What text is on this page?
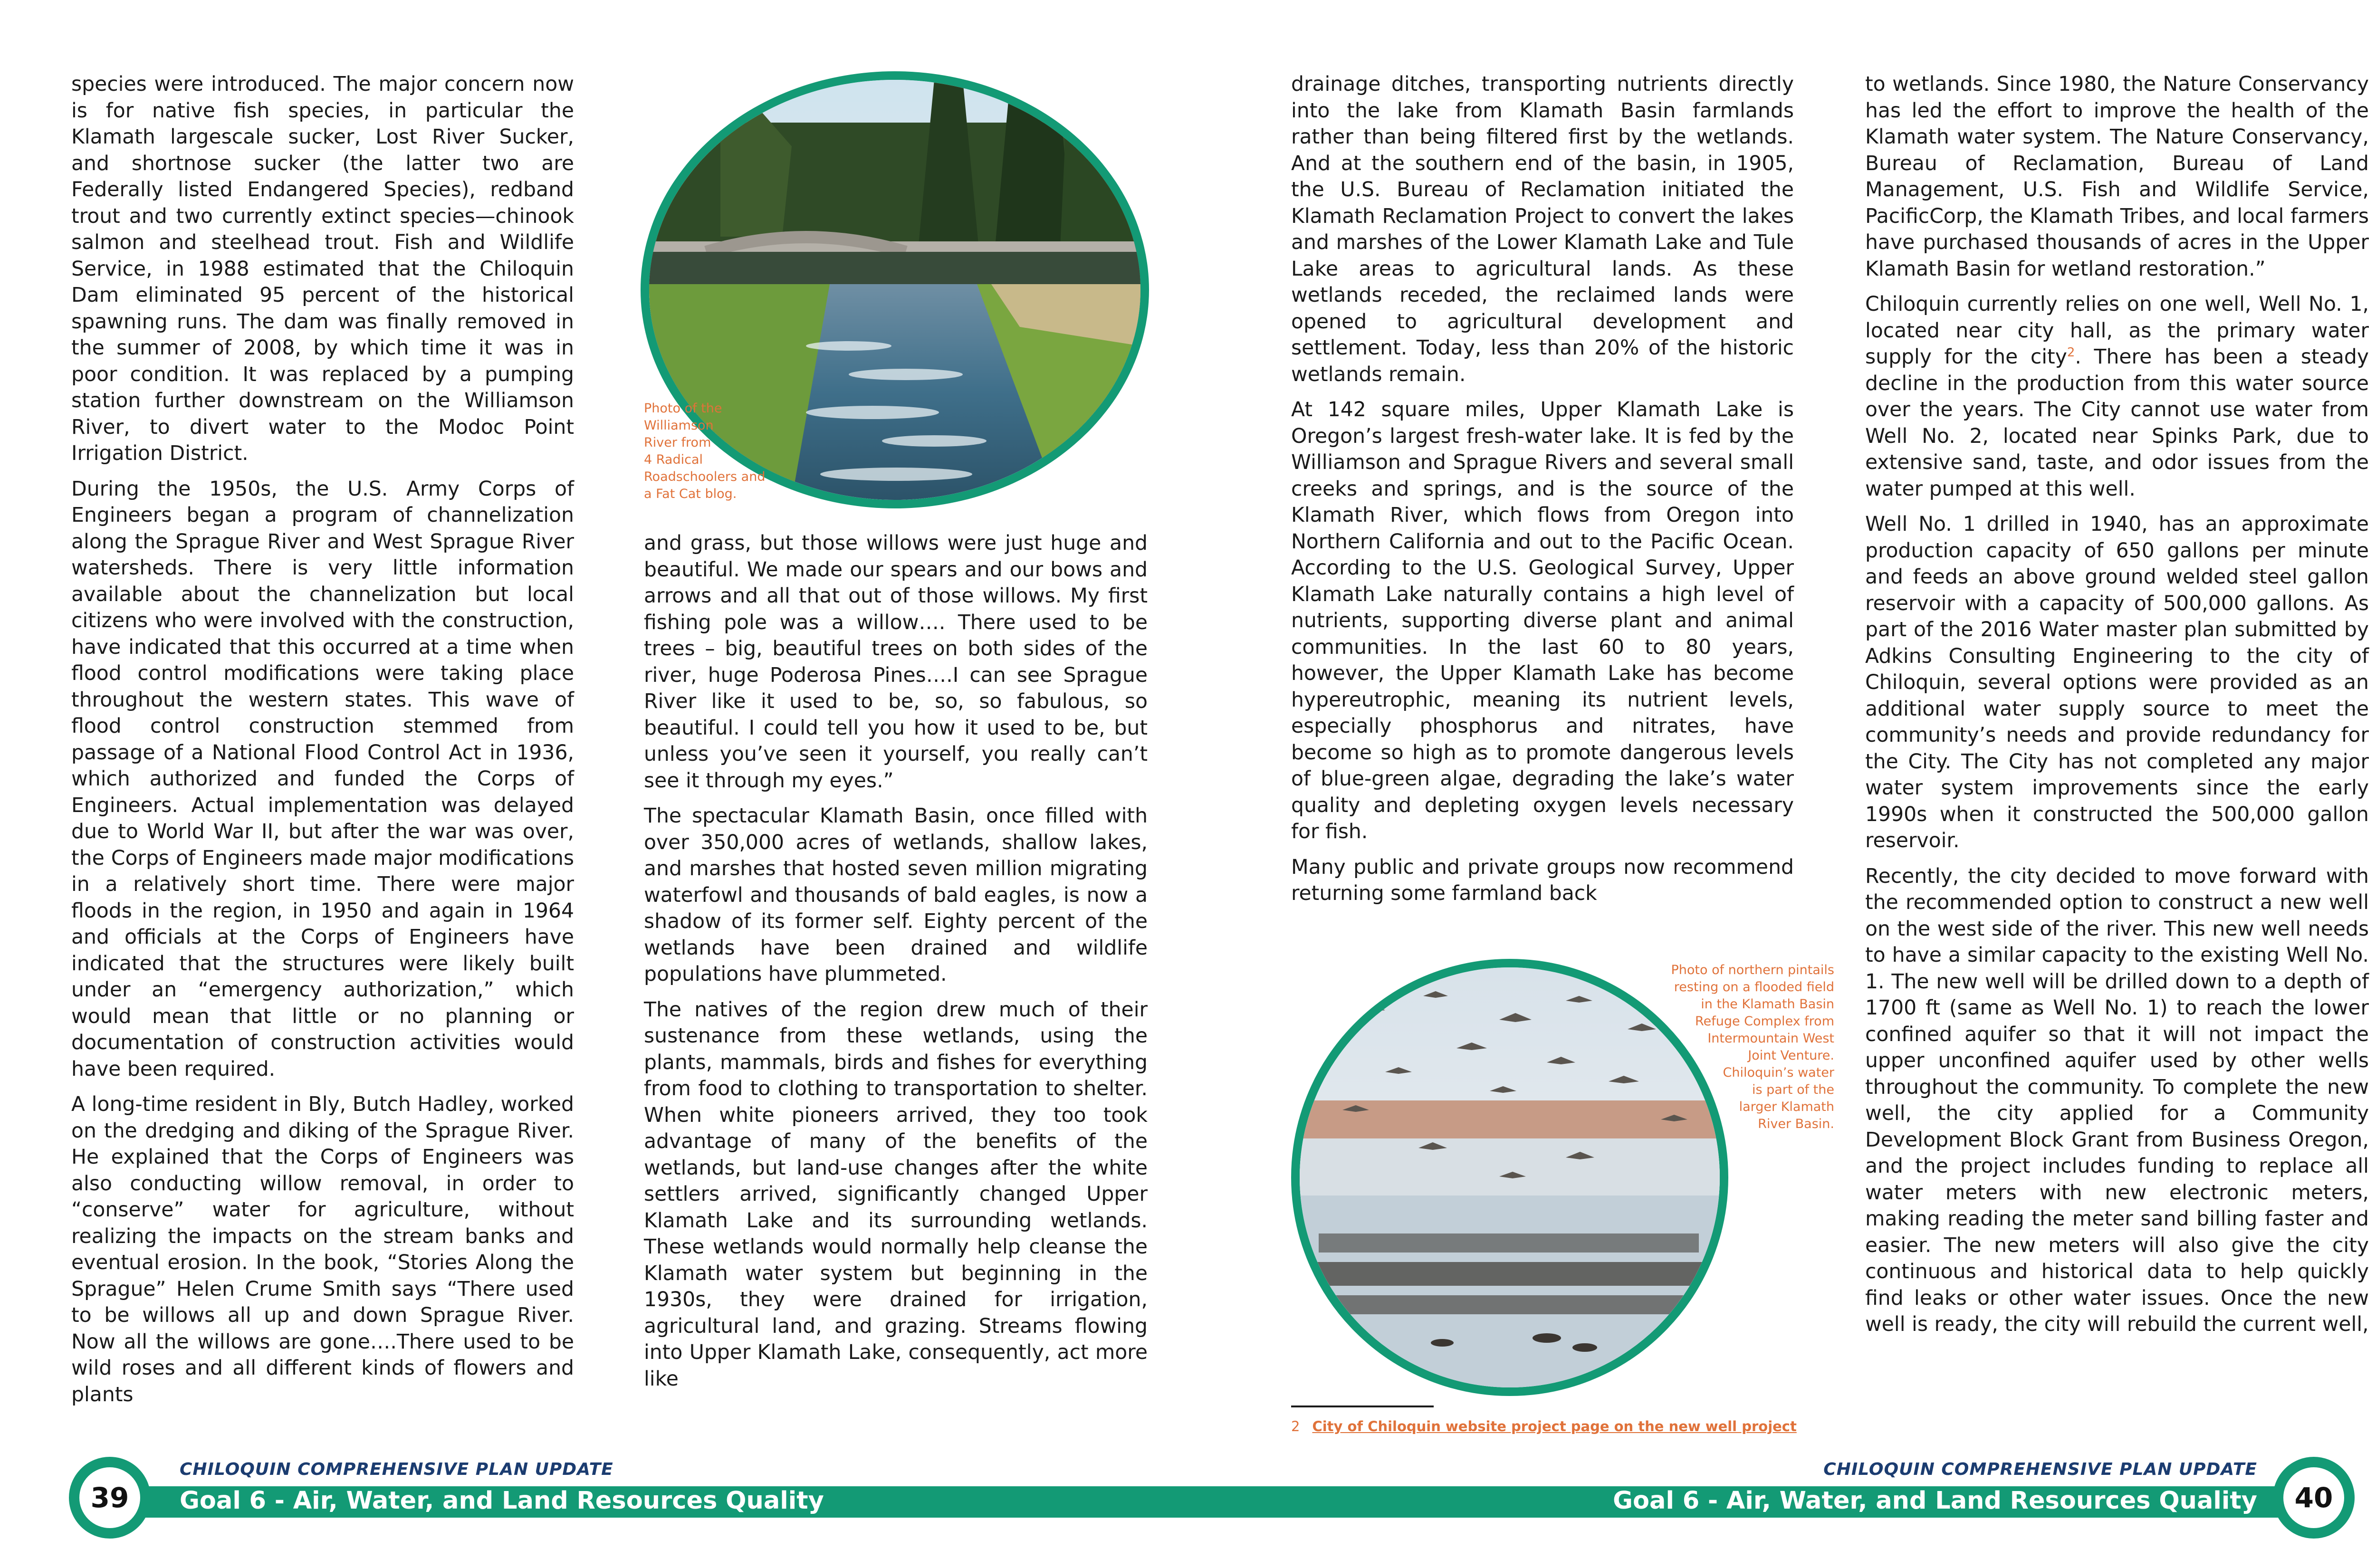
species were introduced. The major concern now is for native fish species, in particular the Klamath largescale sucker, Lost River Sucker, and shortnose sucker (the latter two are Federally listed Endangered Species), redband trout and two currently extinct species—chinook salmon and steelhead trout. Fish and Wildlife Service, in 1988 estimated that the Chiloquin Dam eliminated 95 percent of the historical spawning runs. The dam was finally removed in the summer of 2008, by which time it was in poor condition. It was replaced by a pumping station further downstream on the Williamson River, to divert water to the Modoc Point Irrigation District.

During the 1950s, the U.S. Army Corps of Engineers began a program of channelization along the Sprague River and West Sprague River watersheds. There is very little information available about the channelization but local citizens who were involved with the construction, have indicated that this occurred at a time when flood control modifications were taking place throughout the western states. This wave of flood control construction stemmed from passage of a National Flood Control Act in 1936, which authorized and funded the Corps of Engineers. Actual implementation was delayed due to World War II, but after the war was over, the Corps of Engineers made major modifications in a relatively short time. There were major floods in the region, in 1950 and again in 1964 and officials at the Corps of Engineers have indicated that the structures were likely built under an “emergency authorization,” which would mean that little or no planning or documentation of construction activities would have been required.

A long-time resident in Bly, Butch Hadley, worked on the dredging and diking of the Sprague River. He explained that the Corps of Engineers was also conducting willow removal, in order to “conserve” water for agriculture, without realizing the impacts on the stream banks and eventual erosion. In the book, “Stories Along the Sprague” Helen Crume Smith says “There used to be willows all up and down Sprague River. Now all the willows are gone….There used to be wild roses and all different kinds of flowers and plants

Photo of the
Williamson
River from
4 Radical
Roadschoolers and
a Fat Cat blog.

and grass, but those willows were just huge and beautiful. We made our spears and our bows and arrows and all that out of those willows. My first fishing pole was a willow…. There used to be trees – big, beautiful trees on both sides of the river, huge Poderosa Pines….I can see Sprague River like it used to be, so, so fabulous, so beautiful. I could tell you how it used to be, but unless you’ve seen it yourself, you really can’t see it through my eyes.”

The spectacular Klamath Basin, once filled with over 350,000 acres of wetlands, shallow lakes, and marshes that hosted seven million migrating waterfowl and thousands of bald eagles, is now a shadow of its former self. Eighty percent of the wetlands have been drained and wildlife populations have plummeted.

The natives of the region drew much of their sustenance from these wetlands, using the plants, mammals, birds and fishes for everything from food to clothing to transportation to shelter. When white pioneers arrived, they too took advantage of many of the benefits of the wetlands, but land-use changes after the white settlers arrived, significantly changed Upper Klamath Lake and its surrounding wetlands. These wetlands would normally help cleanse the Klamath water system but beginning in the 1930s, they were drained for irrigation, agricultural land, and grazing. Streams flowing into Upper Klamath Lake, consequently, act more like

drainage ditches, transporting nutrients directly into the lake from Klamath Basin farmlands rather than being filtered first by the wetlands. And at the southern end of the basin, in 1905, the U.S. Bureau of Reclamation initiated the Klamath Reclamation Project to convert the lakes and marshes of the Lower Klamath Lake and Tule Lake areas to agricultural lands. As these wetlands receded, the reclaimed lands were opened to agricultural development and settlement. Today, less than 20% of the historic wetlands remain.

At 142 square miles, Upper Klamath Lake is Oregon’s largest fresh-water lake. It is fed by the Williamson and Sprague Rivers and several small creeks and springs, and is the source of the Klamath River, which flows from Oregon into Northern California and out to the Pacific Ocean. According to the U.S. Geological Survey, Upper Klamath Lake naturally contains a high level of nutrients, supporting diverse plant and animal communities. In the last 60 to 80 years, however, the Upper Klamath Lake has become hypereutrophic, meaning its nutrient levels, especially phosphorus and nitrates, have become so high as to promote dangerous levels of blue-green algae, degrading the lake’s water quality and depleting oxygen levels necessary for fish.

Many public and private groups now recommend returning some farmland back

Photo of northern pintails
resting on a flooded field
in the Klamath Basin
Refuge Complex from
Intermountain West
Joint Venture.
Chiloquin’s water
is part of the
larger Klamath
River Basin.

to wetlands. Since 1980, the Nature Conservancy has led the effort to improve the health of the Klamath water system. The Nature Conservancy, Bureau of Reclamation, Bureau of Land Management, U.S. Fish and Wildlife Service, PacificCorp, the Klamath Tribes, and local farmers have purchased thousands of acres in the Upper Klamath Basin for wetland restoration.”

Chiloquin currently relies on one well, Well No. 1, located near city hall, as the primary water supply for the city$^2$. There has been a steady decline in the production from this water source over the years. The City cannot use water from Well No. 2, located near Spinks Park, due to extensive sand, taste, and odor issues from the water pumped at this well.

Well No. 1 drilled in 1940, has an approximate production capacity of 650 gallons per minute and feeds an above ground welded steel gallon reservoir with a capacity of 500,000 gallons. As part of the 2016 Water master plan submitted by Adkins Consulting Engineering to the city of Chiloquin, several options were provided as an additional water supply source to meet the community’s needs and provide redundancy for the City. The City has not completed any major water system improvements since the early 1990s when it constructed the 500,000 gallon reservoir.

Recently, the city decided to move forward with the recommended option to construct a new well on the west side of the river. This new well needs to have a similar capacity to the existing Well No. 1. The new well will be drilled down to a depth of 1700 ft (same as Well No. 1) to reach the lower confined aquifer so that it will not impact the upper unconfined aquifer used by other wells throughout the community. To complete the new well, the city applied for a Community Development Block Grant from Business Oregon, and the project includes funding to replace all water meters with new electronic meters, making reading the meter sand billing faster and easier. The new meters will also give the city continuous and historical data to help quickly find leaks or other water issues. Once the new well is ready, the city will rebuild the current well,

2 City of Chiloquin website project page on the new well project
39	40
CHILOQUIN COMPREHENSIVE PLAN UPDATE	CHILOQUIN COMPREHENSIVE PLAN UPDATE
Goal 6 - Air, Water, and Land Resources Quality	Goal 6 - Air, Water, and Land Resources Quality
